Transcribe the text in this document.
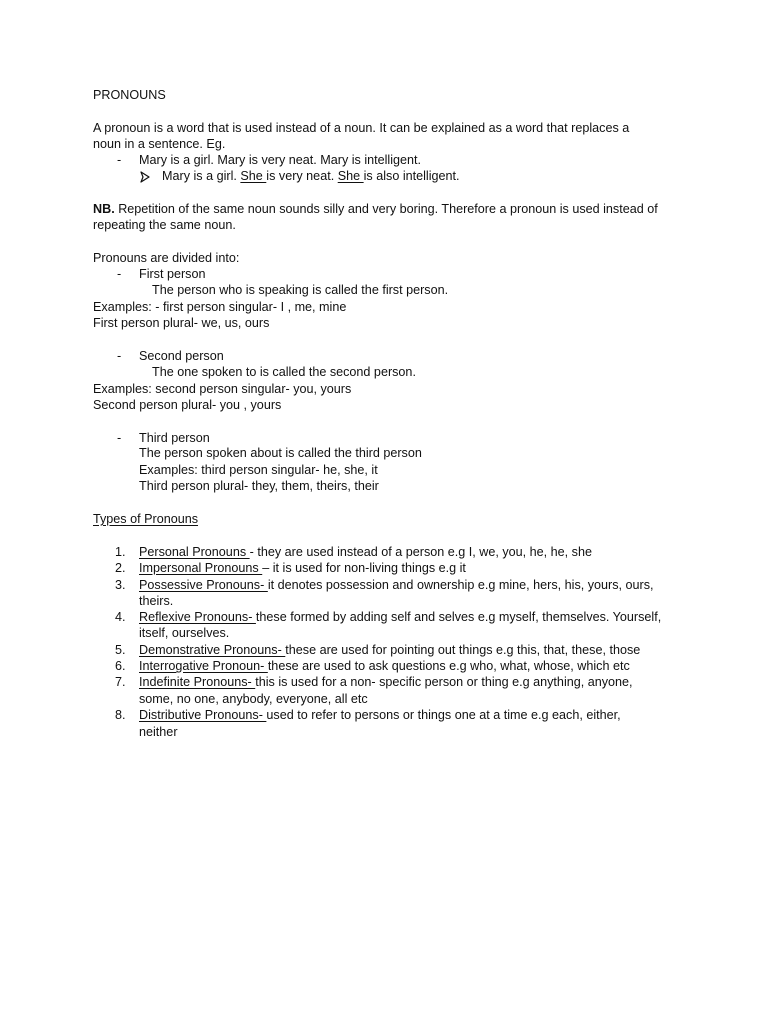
PRONOUNS
A pronoun is a word that is used instead of a noun. It can be explained as a word that replaces a
noun in a sentence. Eg.
- Mary is a girl. Mary is very neat. Mary is intelligent.
Mary is a girl. She is very neat. She is also intelligent.
NB. Repetition of the same noun sounds silly and very boring. Therefore a pronoun is used instead of
repeating the same noun.
Pronouns are divided into:
- First person
The person who is speaking is called the first person.
Examples: - first person singular- I , me, mine
First person plural- we, us, ours
- Second person
The one spoken to is called the second person.
Examples: second person singular- you, yours
Second person plural- you , yours
- Third person
The person spoken about is called the third person
Examples: third person singular- he, she, it
Third person plural- they, them, theirs, their
Types of Pronouns
1. Personal Pronouns - they are used instead of a person e.g I, we, you, he, he, she
2. Impersonal Pronouns – it is used for non-living things e.g it
3. Possessive Pronouns- it denotes possession and ownership e.g mine, hers, his, yours, ours,
theirs.
4. Reflexive Pronouns- these formed by adding self and selves e.g myself, themselves. Yourself,
itself, ourselves.
5. Demonstrative Pronouns- these are used for pointing out things e.g this, that, these, those
6. Interrogative Pronoun- these are used to ask questions e.g who, what, whose, which etc
7. Indefinite Pronouns- this is used for a non- specific person or thing e.g anything, anyone,
some, no one, anybody, everyone, all etc
8. Distributive Pronouns- used to refer to persons or things one at a time e.g each, either,
neither
